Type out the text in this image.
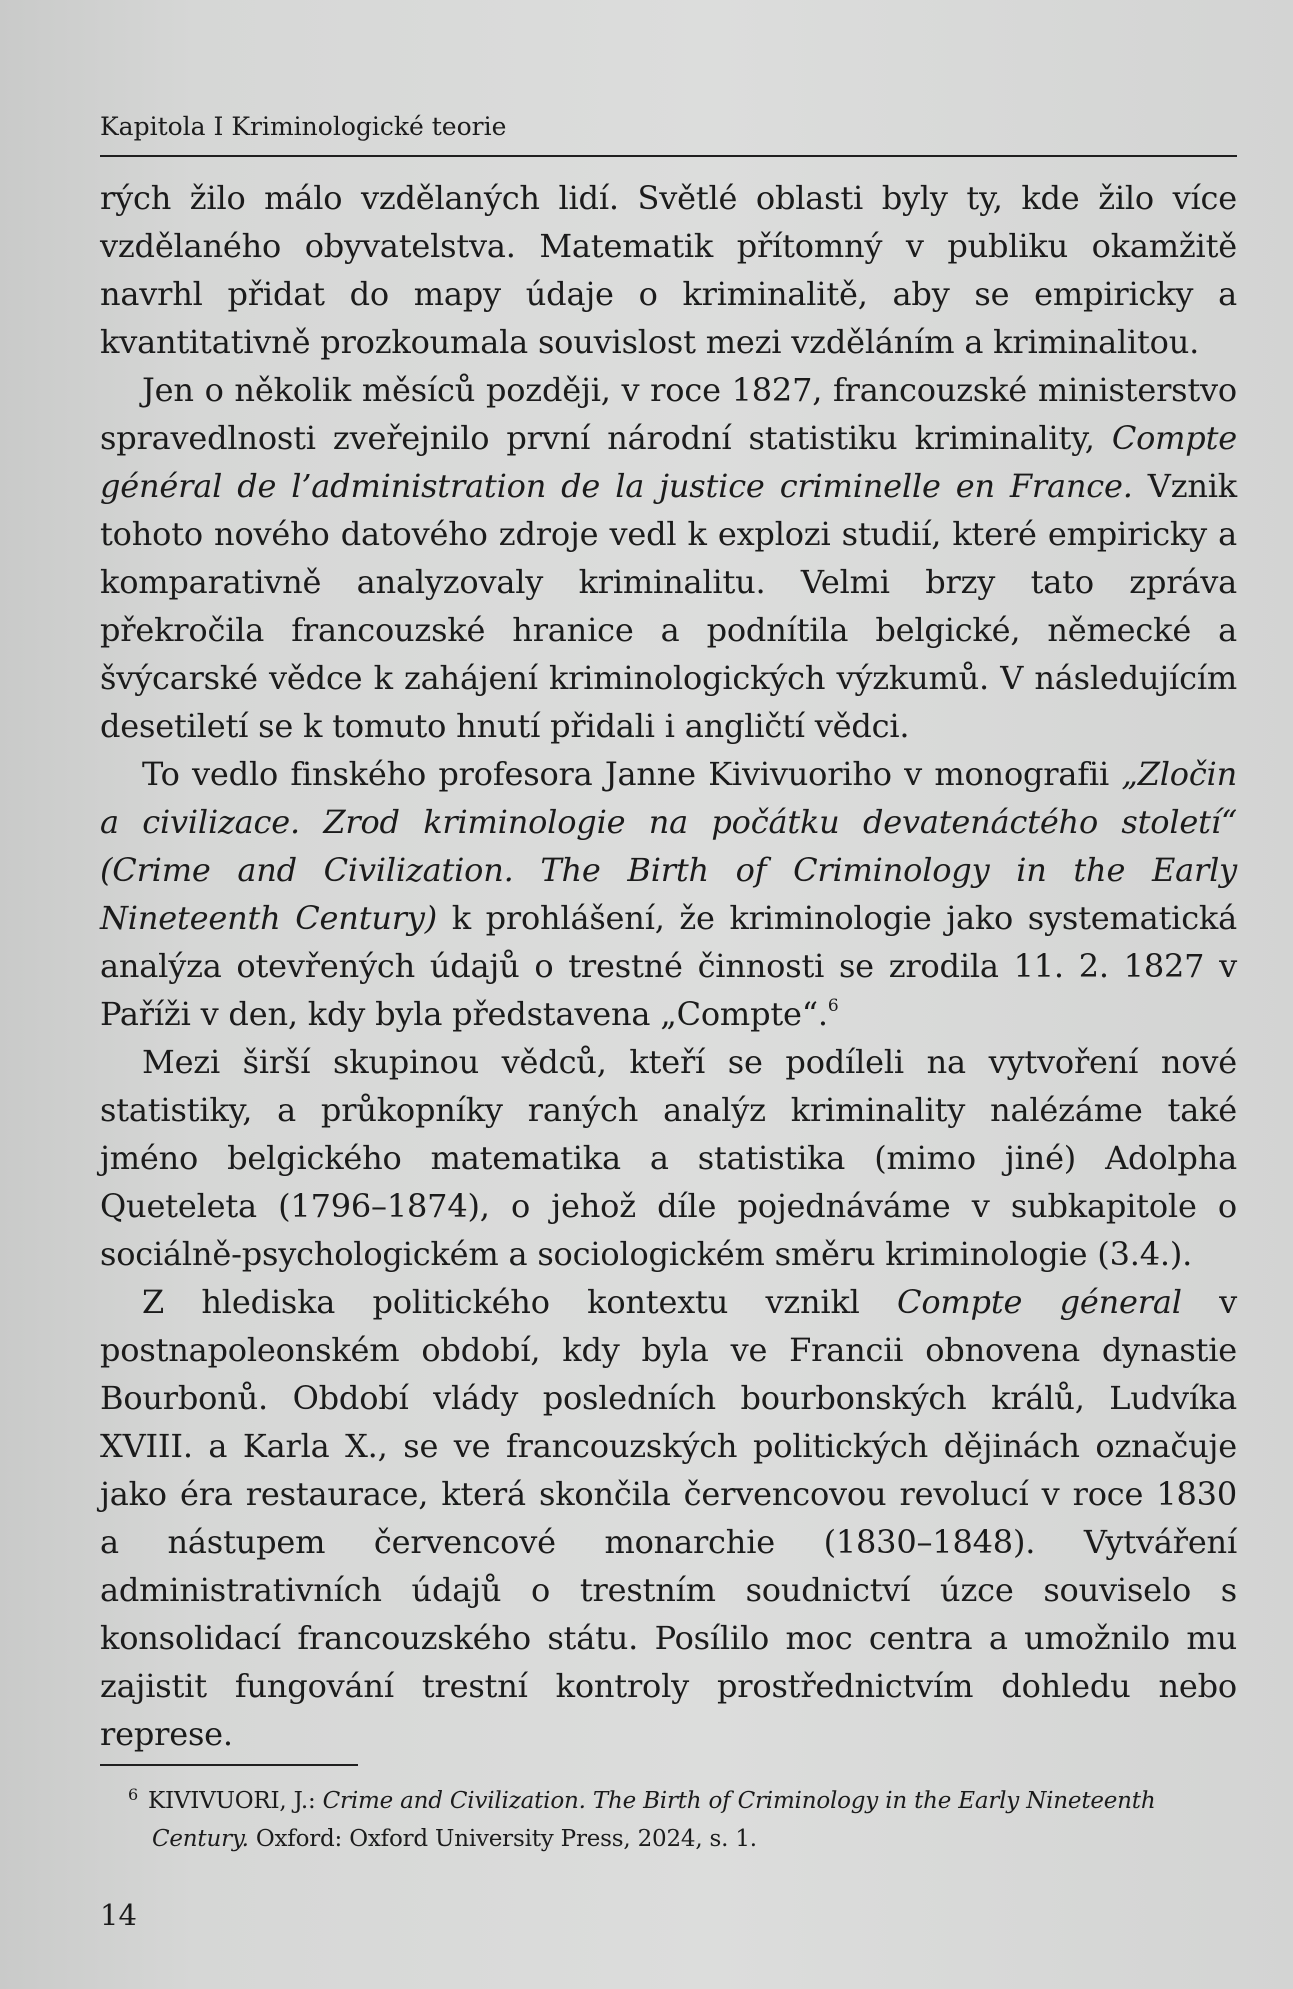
Kapitola I Kriminologické teorie

rých žilo málo vzdělaných lidí. Světlé oblasti byly ty, kde žilo více vzdělaného obyvatelstva. Matematik přítomný v publiku okamžitě navrhl přidat do mapy údaje o kriminalitě, aby se empiricky a kvantitativně prozkoumala souvislost mezi vzděláním a kriminalitou.

Jen o několik měsíců později, v roce 1827, francouzské ministerstvo spravedlnosti zveřejnilo první národní statistiku kriminality, Compte général de l’administration de la justice criminelle en France. Vznik tohoto nového datového zdroje vedl k explozi studií, které empiricky a komparativně analyzovaly kriminalitu. Velmi brzy tato zpráva překročila francouzské hranice a podnítila belgické, německé a švýcarské vědce k zahájení kriminologických výzkumů. V následujícím desetiletí se k tomuto hnutí přidali i angličtí vědci.

To vedlo finského profesora Janne Kivivuoriho v monografii „Zločin a civilizace. Zrod kriminologie na počátku devatenáctého století“ (Crime and Civilization. The Birth of Criminology in the Early Nineteenth Century) k prohlášení, že kriminologie jako systematická analýza otevřených údajů o trestné činnosti se zrodila 11. 2. 1827 v Paříži v den, kdy byla představena „Compte“.$^6$

Mezi širší skupinou vědců, kteří se podíleli na vytvoření nové statistiky, a průkopníky raných analýz kriminality nalézáme také jméno belgického matematika a statistika (mimo jiné) Adolpha Queteleta (1796–1874), o jehož díle pojednáváme v subkapitole o sociálně-psychologickém a sociologickém směru kriminologie (3.4.).

Z hlediska politického kontextu vznikl Compte géneral v postnapoleonském období, kdy byla ve Francii obnovena dynastie Bourbonů. Období vlády posledních bourbonských králů, Ludvíka XVIII. a Karla X., se ve francouzských politických dějinách označuje jako éra restaurace, která skončila červencovou revolucí v roce 1830 a nástupem červencové monarchie (1830–1848). Vytváření administrativních údajů o trestním soudnictví úzce souviselo s konsolidací francouzského státu. Posílilo moc centra a umožnilo mu zajistit fungování trestní kontroly prostřednictvím dohledu nebo represe.

6 KIVIVUORI, J.: Crime and Civilization. The Birth of Criminology in the Early Nineteenth
Century. Oxford: Oxford University Press, 2024, s. 1.
14
